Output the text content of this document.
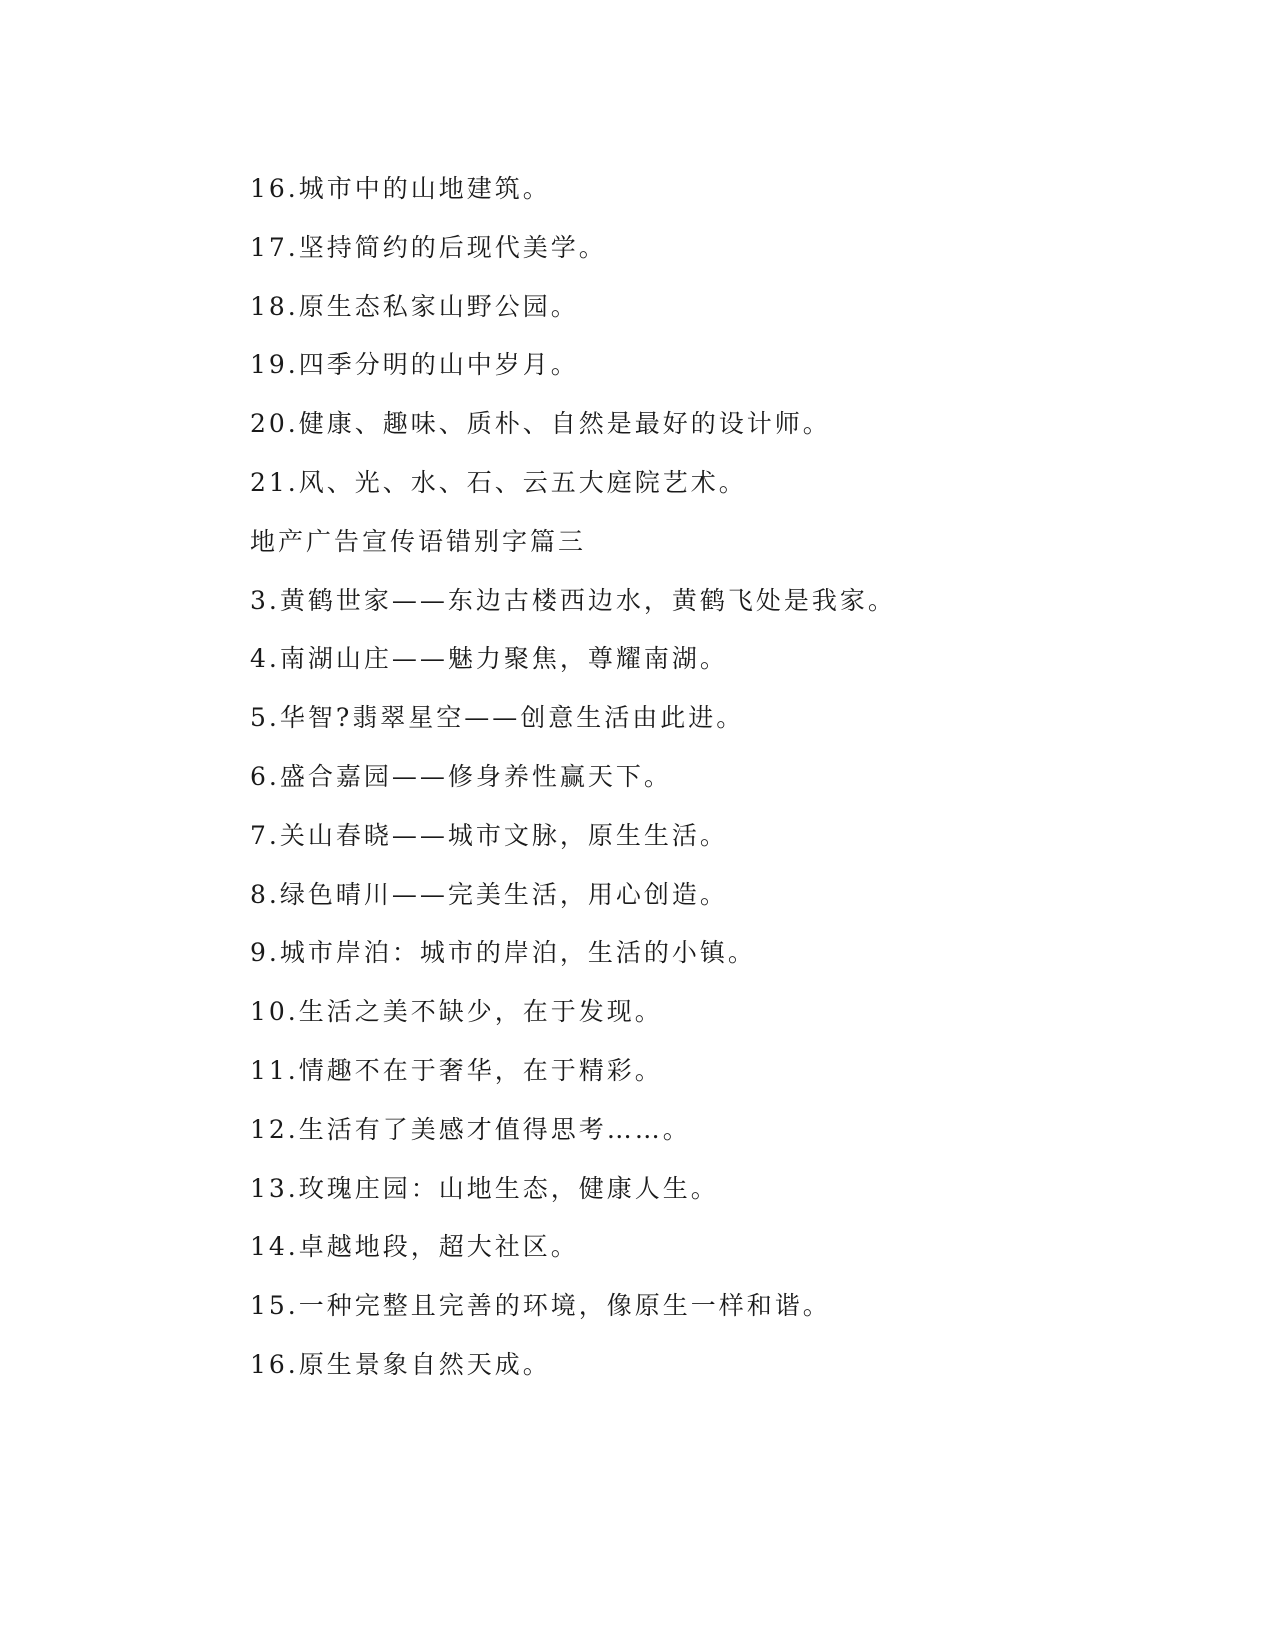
16.城市中的山地建筑。
17.坚持简约的后现代美学。
18.原生态私家山野公园。
19.四季分明的山中岁月。
20.健康、趣味、质朴、自然是最好的设计师。
21.风、光、水、石、云五大庭院艺术。
地产广告宣传语错别字篇三
3.黄鹤世家——东边古楼西边水，黄鹤飞处是我家。
4.南湖山庄——魅力聚焦，尊耀南湖。
5.华智?翡翠星空——创意生活由此进。
6.盛合嘉园——修身养性赢天下。
7.关山春晓——城市文脉，原生生活。
8.绿色晴川——完美生活，用心创造。
9.城市岸泊：城市的岸泊，生活的小镇。
10.生活之美不缺少，在于发现。
11.情趣不在于奢华，在于精彩。
12.生活有了美感才值得思考……。
13.玫瑰庄园：山地生态，健康人生。
14.卓越地段，超大社区。
15.一种完整且完善的环境，像原生一样和谐。
16.原生景象自然天成。
